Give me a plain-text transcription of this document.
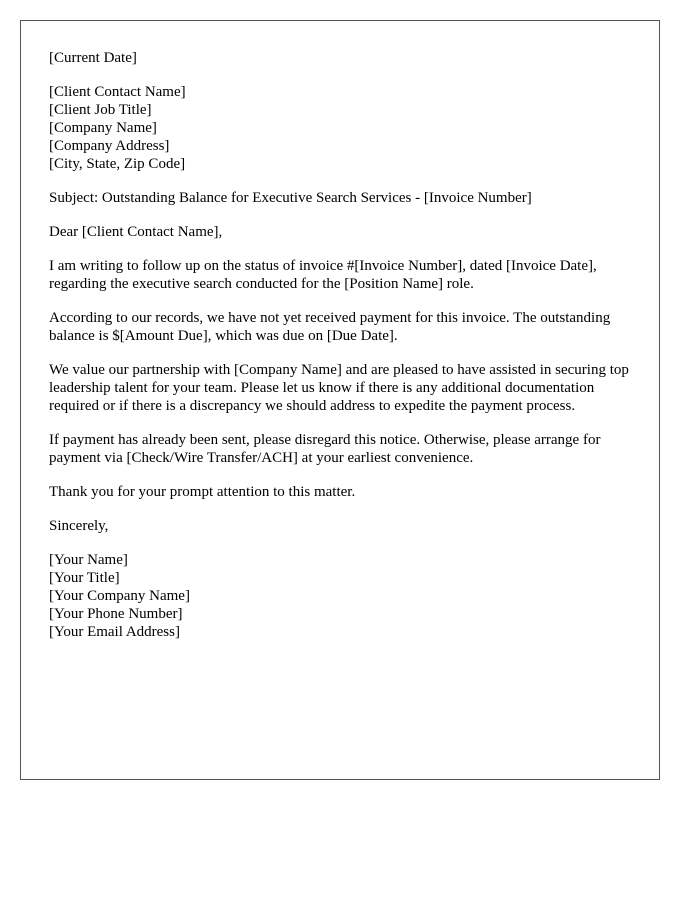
[Current Date]

[Client Contact Name]
[Client Job Title]
[Company Name]
[Company Address]
[City, State, Zip Code]

Subject: Outstanding Balance for Executive Search Services - [Invoice Number]

Dear [Client Contact Name],

I am writing to follow up on the status of invoice #[Invoice Number], dated [Invoice Date], regarding the executive search conducted for the [Position Name] role.

According to our records, we have not yet received payment for this invoice. The outstanding balance is $[Amount Due], which was due on [Due Date].

We value our partnership with [Company Name] and are pleased to have assisted in securing top leadership talent for your team. Please let us know if there is any additional documentation required or if there is a discrepancy we should address to expedite the payment process.

If payment has already been sent, please disregard this notice. Otherwise, please arrange for payment via [Check/Wire Transfer/ACH] at your earliest convenience.

Thank you for your prompt attention to this matter.

Sincerely,

[Your Name]
[Your Title]
[Your Company Name]
[Your Phone Number]
[Your Email Address]
